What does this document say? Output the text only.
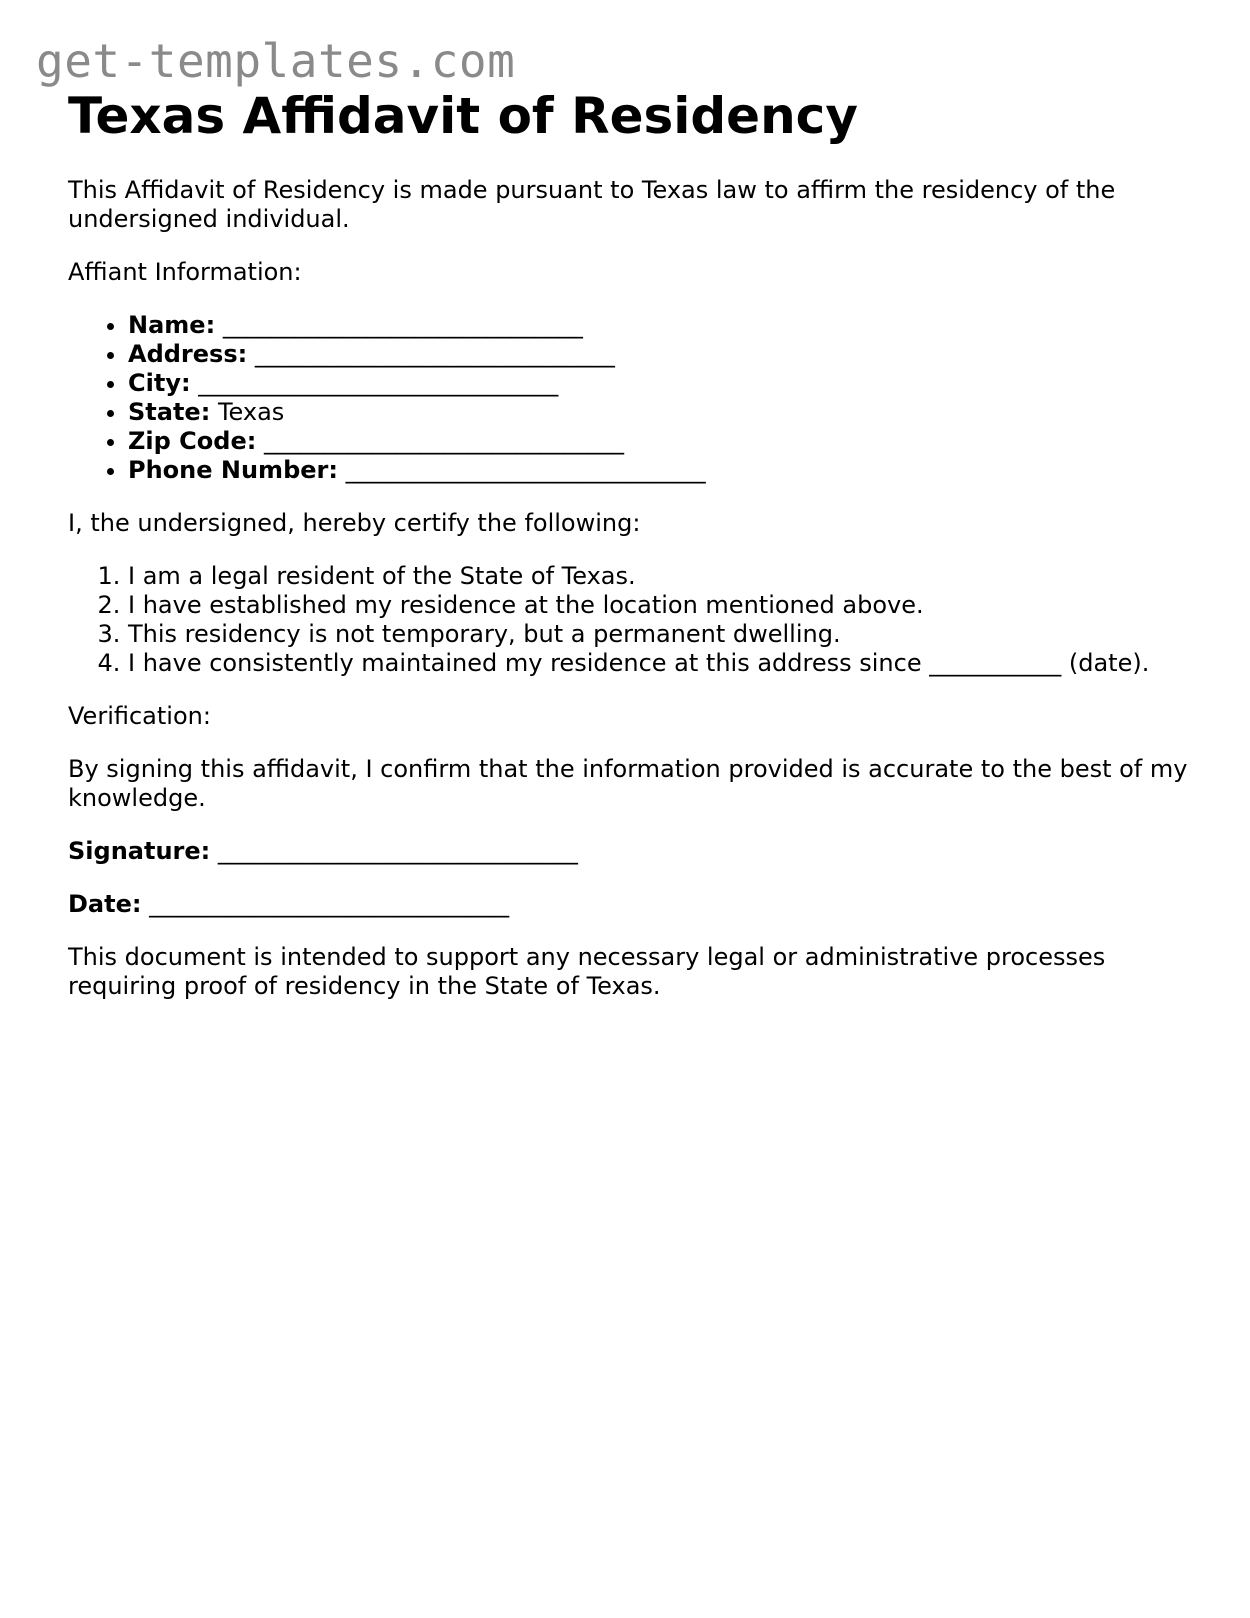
get-templates.com
Texas Affidavit of Residency

This Affidavit of Residency is made pursuant to Texas law to affirm the residency of the undersigned individual.

Affiant Information:

• Name: ______________________________
• Address: ______________________________
• City: ______________________________
• State: Texas
• Zip Code: ______________________________
• Phone Number: ______________________________

I, the undersigned, hereby certify the following:

1. I am a legal resident of the State of Texas.
2. I have established my residence at the location mentioned above.
3. This residency is not temporary, but a permanent dwelling.
4. I have consistently maintained my residence at this address since ___________ (date).

Verification:

By signing this affidavit, I confirm that the information provided is accurate to the best of my knowledge.

Signature: ______________________________

Date: ______________________________

This document is intended to support any necessary legal or administrative processes requiring proof of residency in the State of Texas.
